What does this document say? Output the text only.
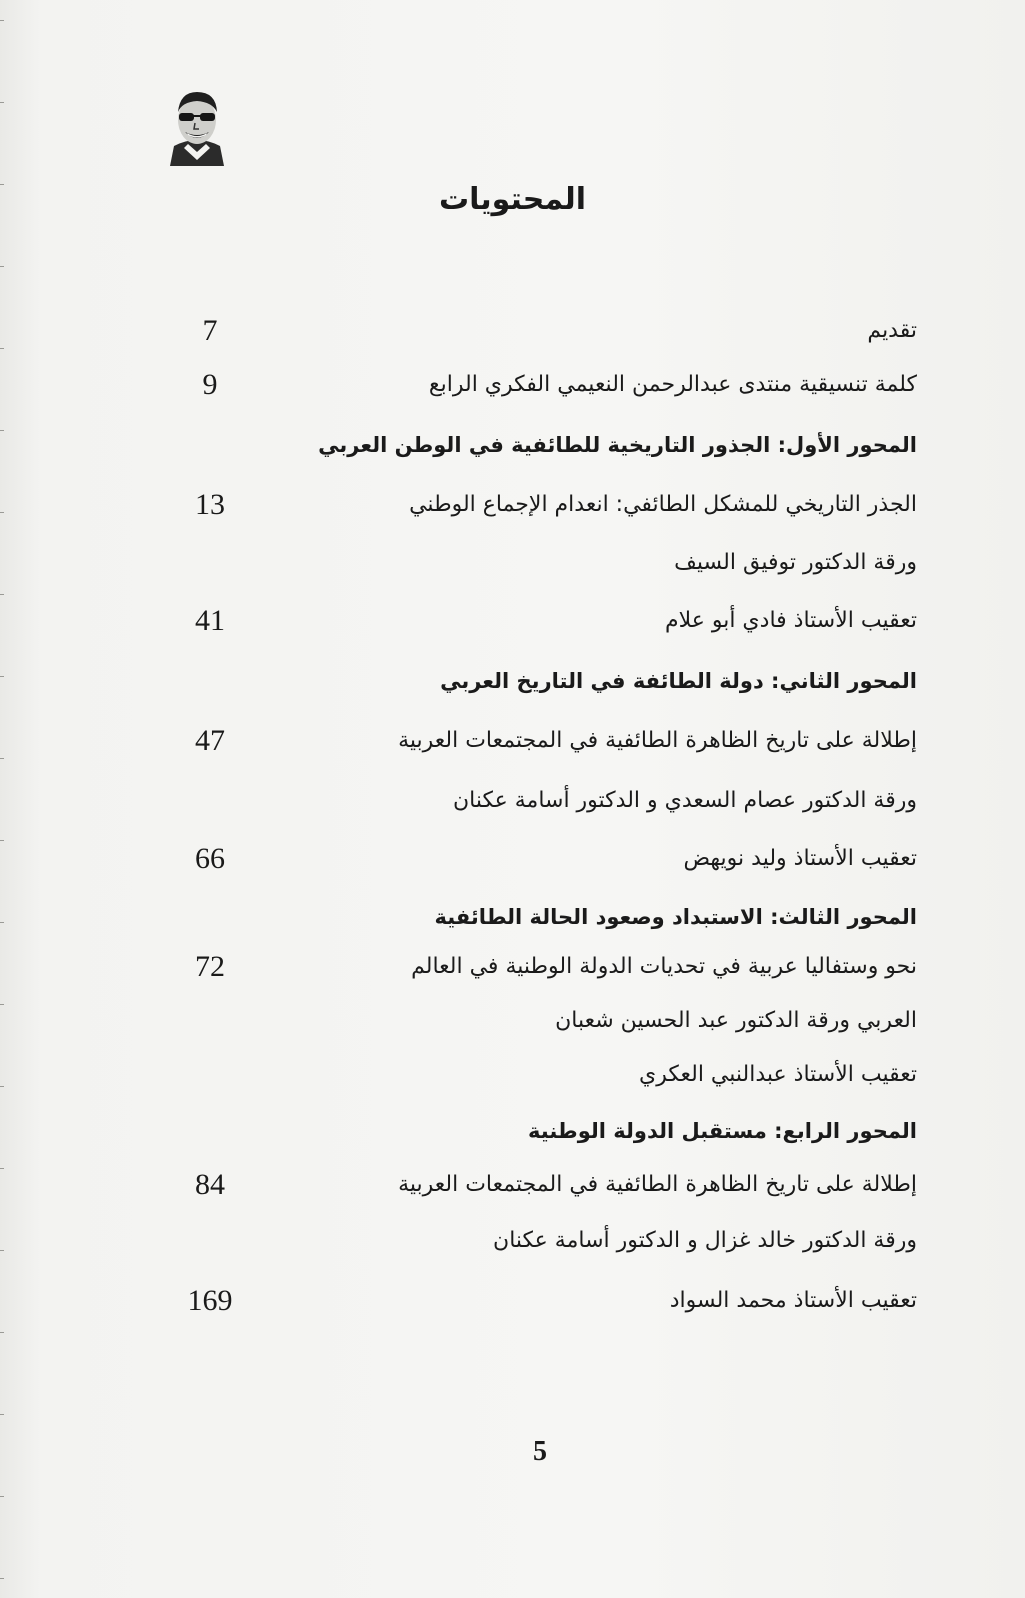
المحتويات
تقديم
7
كلمة تنسيقية منتدى عبدالرحمن النعيمي الفكري الرابع
9
المحور الأول: الجذور التاريخية للطائفية في الوطن العربي
الجذر التاريخي للمشكل الطائفي: انعدام الإجماع الوطني
13
ورقة الدكتور توفيق السيف
تعقيب الأستاذ فادي أبو علام
41
المحور الثاني: دولة الطائفة في التاريخ العربي
إطلالة على تاريخ الظاهرة الطائفية في المجتمعات العربية
47
ورقة الدكتور عصام السعدي و الدكتور أسامة عكنان
تعقيب الأستاذ وليد نويهض
66
المحور الثالث: الاستبداد وصعود الحالة الطائفية
نحو وستفاليا عربية في تحديات الدولة الوطنية في العالم
72
العربي ورقة الدكتور عبد الحسين شعبان
تعقيب الأستاذ عبدالنبي العكري
المحور الرابع: مستقبل الدولة الوطنية
إطلالة على تاريخ الظاهرة الطائفية في المجتمعات العربية
84
ورقة الدكتور خالد غزال و الدكتور أسامة عكنان
تعقيب الأستاذ محمد السواد
169
5
